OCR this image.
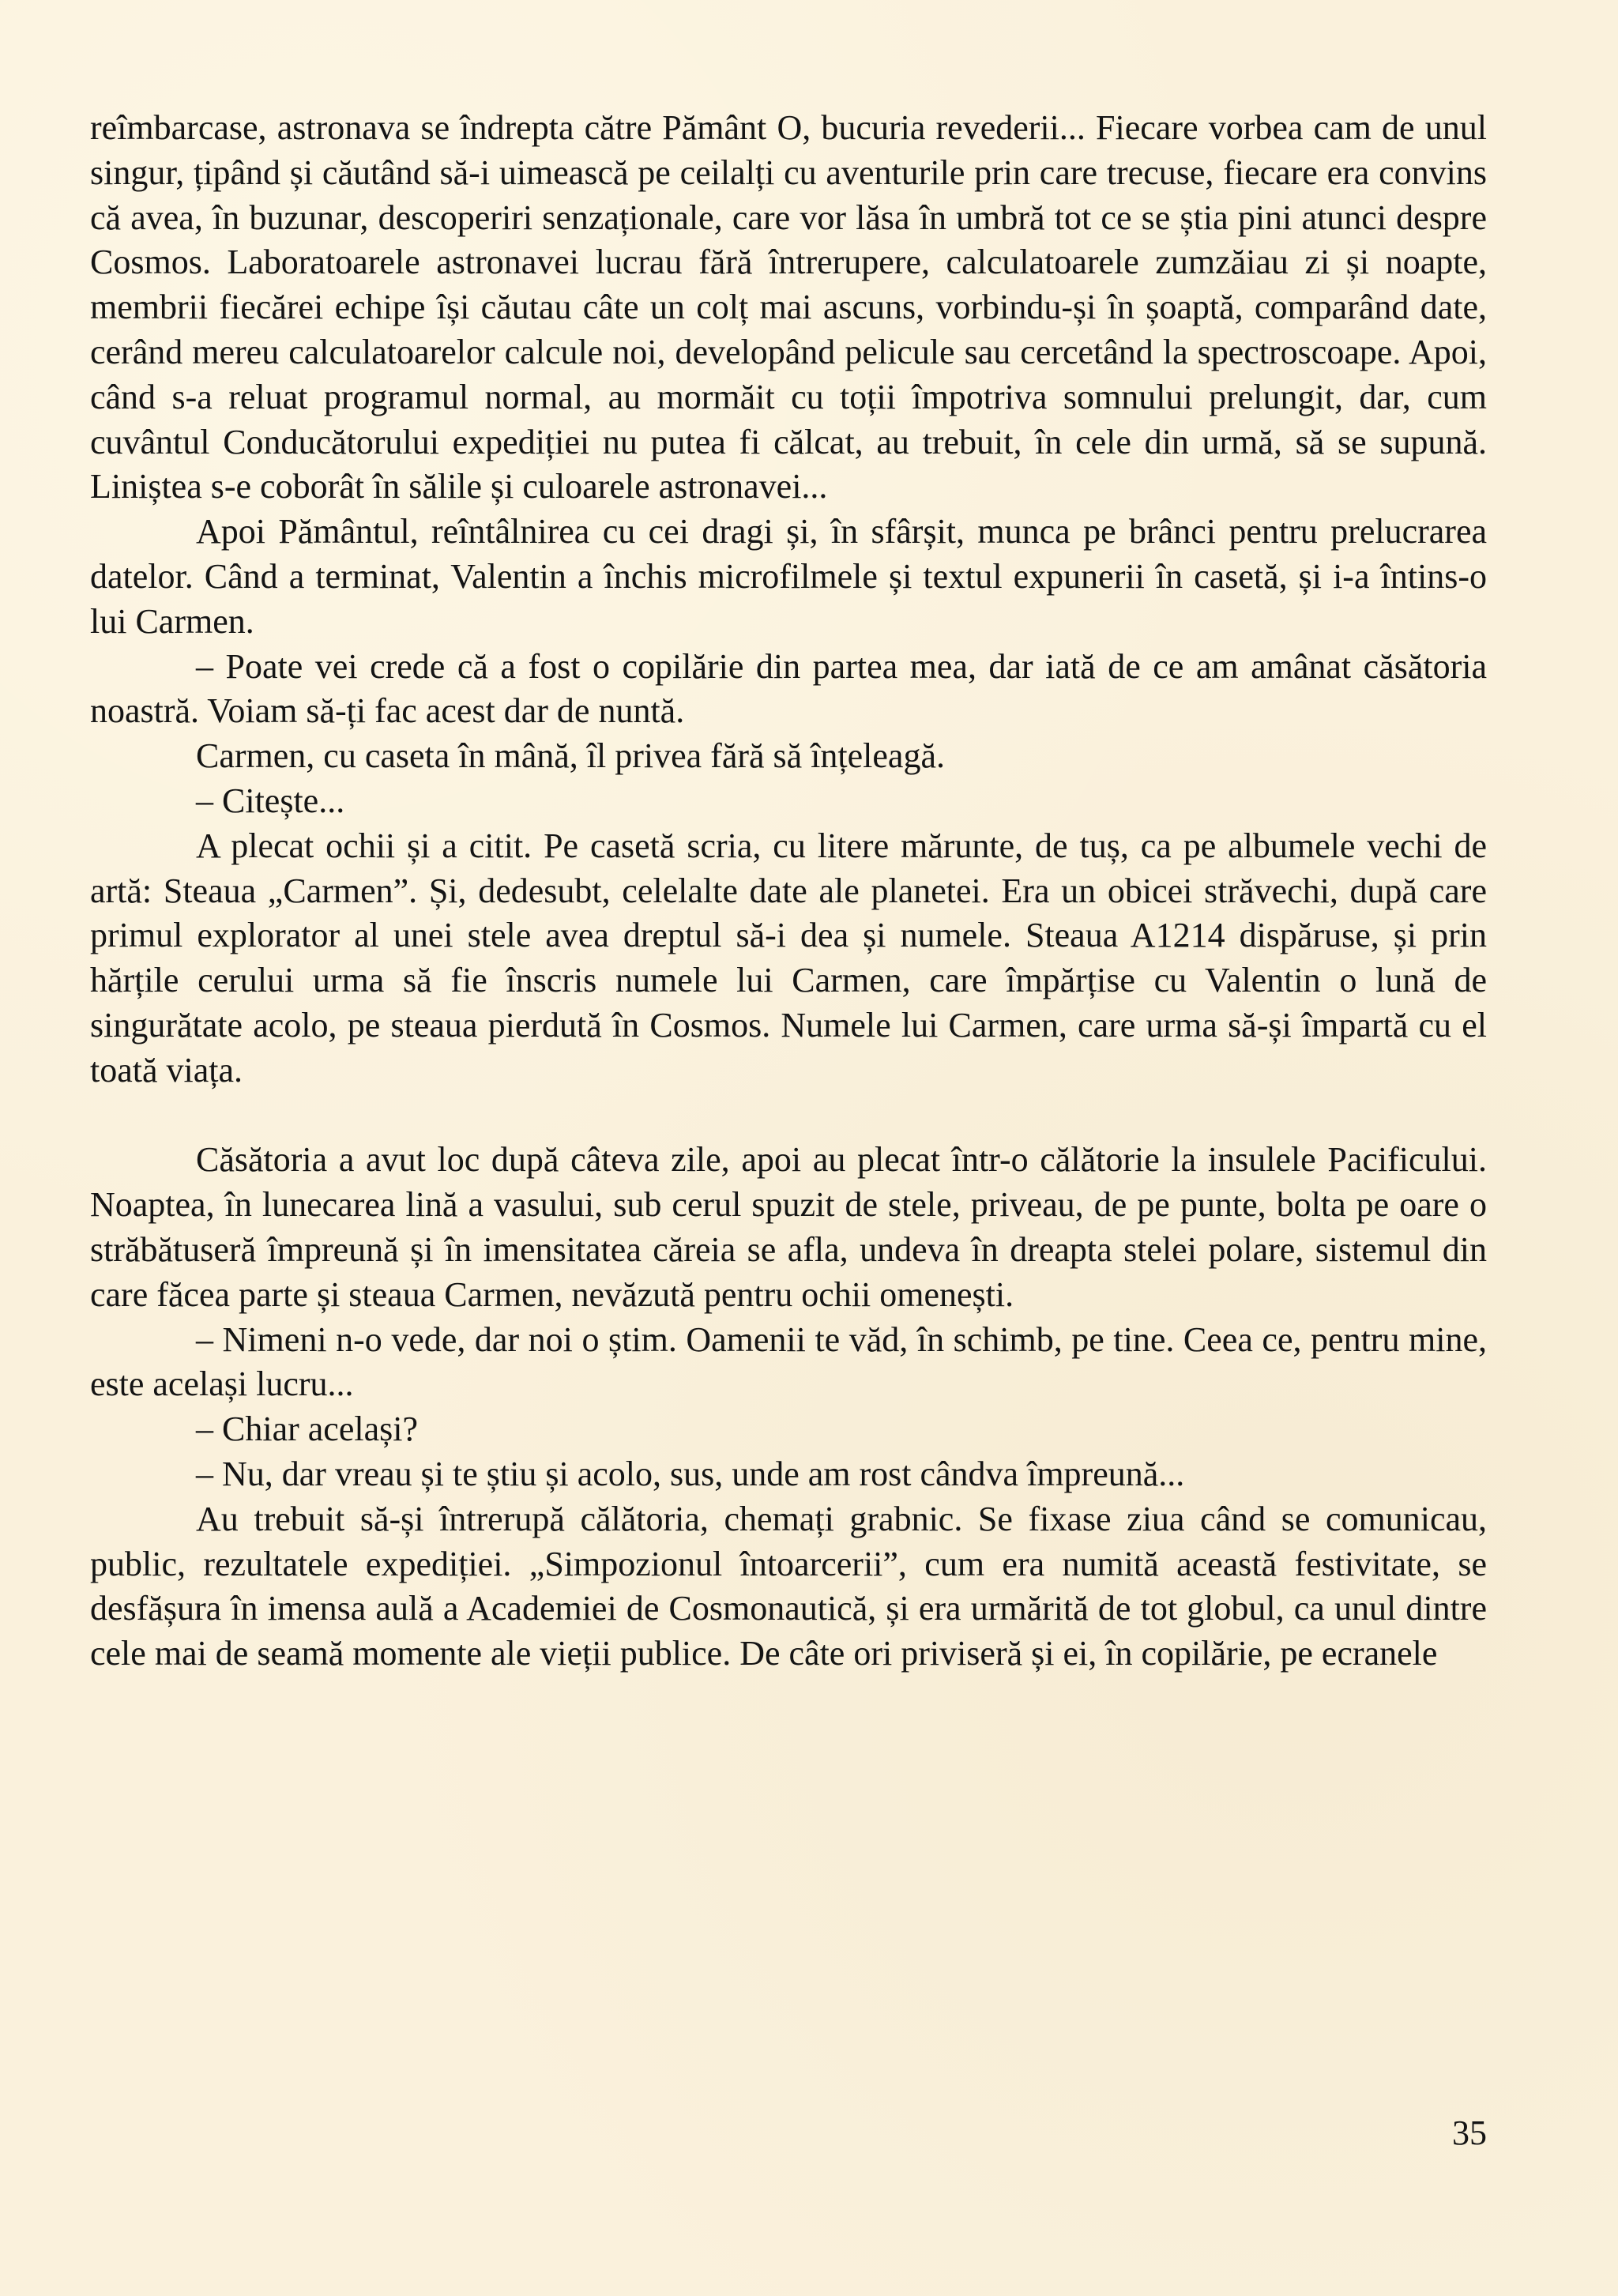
reîmbarcase, astronava se îndrepta către Pământ O, bucuria revederii... Fiecare vorbea cam de unul singur, țipând și căutând să-i uimească pe ceilalți cu aventurile prin care trecuse, fiecare era convins că avea, în buzunar, descoperiri senzaționale, care vor lăsa în umbră tot ce se știa pini atunci despre Cosmos. Laboratoarele astronavei lucrau fără întrerupere, calculatoarele zumzăiau zi și noapte, membrii fiecărei echipe își căutau câte un colț mai ascuns, vorbindu-și în șoaptă, comparând date, cerând mereu calculatoarelor calcule noi, developând pelicule sau cercetând la spectroscoape. Apoi, când s-a reluat programul normal, au mormăit cu toții împotriva somnului prelungit, dar, cum cuvântul Conducătorului expediției nu putea fi călcat, au trebuit, în cele din urmă, să se supună. Liniștea s-e coborât în sălile și culoarele astronavei...

Apoi Pământul, reîntâlnirea cu cei dragi și, în sfârșit, munca pe brânci pentru prelucrarea datelor. Când a terminat, Valentin a închis microfilmele și textul expunerii în casetă, și i-a întins-o lui Carmen.

– Poate vei crede că a fost o copilărie din partea mea, dar iată de ce am amânat căsătoria noastră. Voiam să-ți fac acest dar de nuntă.

Carmen, cu caseta în mână, îl privea fără să înțeleagă.

– Citește...

A plecat ochii și a citit. Pe casetă scria, cu litere mărunte, de tuș, ca pe albumele vechi de artă: Steaua „Carmen”. Și, dedesubt, celelalte date ale planetei. Era un obicei străvechi, după care primul explorator al unei stele avea dreptul să-i dea și numele. Steaua A1214 dispăruse, și prin hărțile cerului urma să fie înscris numele lui Carmen, care împărțise cu Valentin o lună de singurătate acolo, pe steaua pierdută în Cosmos. Numele lui Carmen, care urma să-și împartă cu el toată viața.

Căsătoria a avut loc după câteva zile, apoi au plecat într-o călătorie la insulele Pacificului. Noaptea, în lunecarea lină a vasului, sub cerul spuzit de stele, priveau, de pe punte, bolta pe oare o străbătuseră împreună și în imensitatea căreia se afla, undeva în dreapta stelei polare, sistemul din care făcea parte și steaua Carmen, nevăzută pentru ochii omenești.

– Nimeni n-o vede, dar noi o știm. Oamenii te văd, în schimb, pe tine. Ceea ce, pentru mine, este același lucru...

– Chiar același?

– Nu, dar vreau și te știu și acolo, sus, unde am rost cândva împreună...

Au trebuit să-și întrerupă călătoria, chemați grabnic. Se fixase ziua când se comunicau, public, rezultatele expediției. „Simpozionul întoarcerii”, cum era numită această festivitate, se desfășura în imensa aulă a Academiei de Cosmonautică, și era urmărită de tot globul, ca unul dintre cele mai de seamă momente ale vieții publice. De câte ori priviseră și ei, în copilărie, pe ecranele

35
